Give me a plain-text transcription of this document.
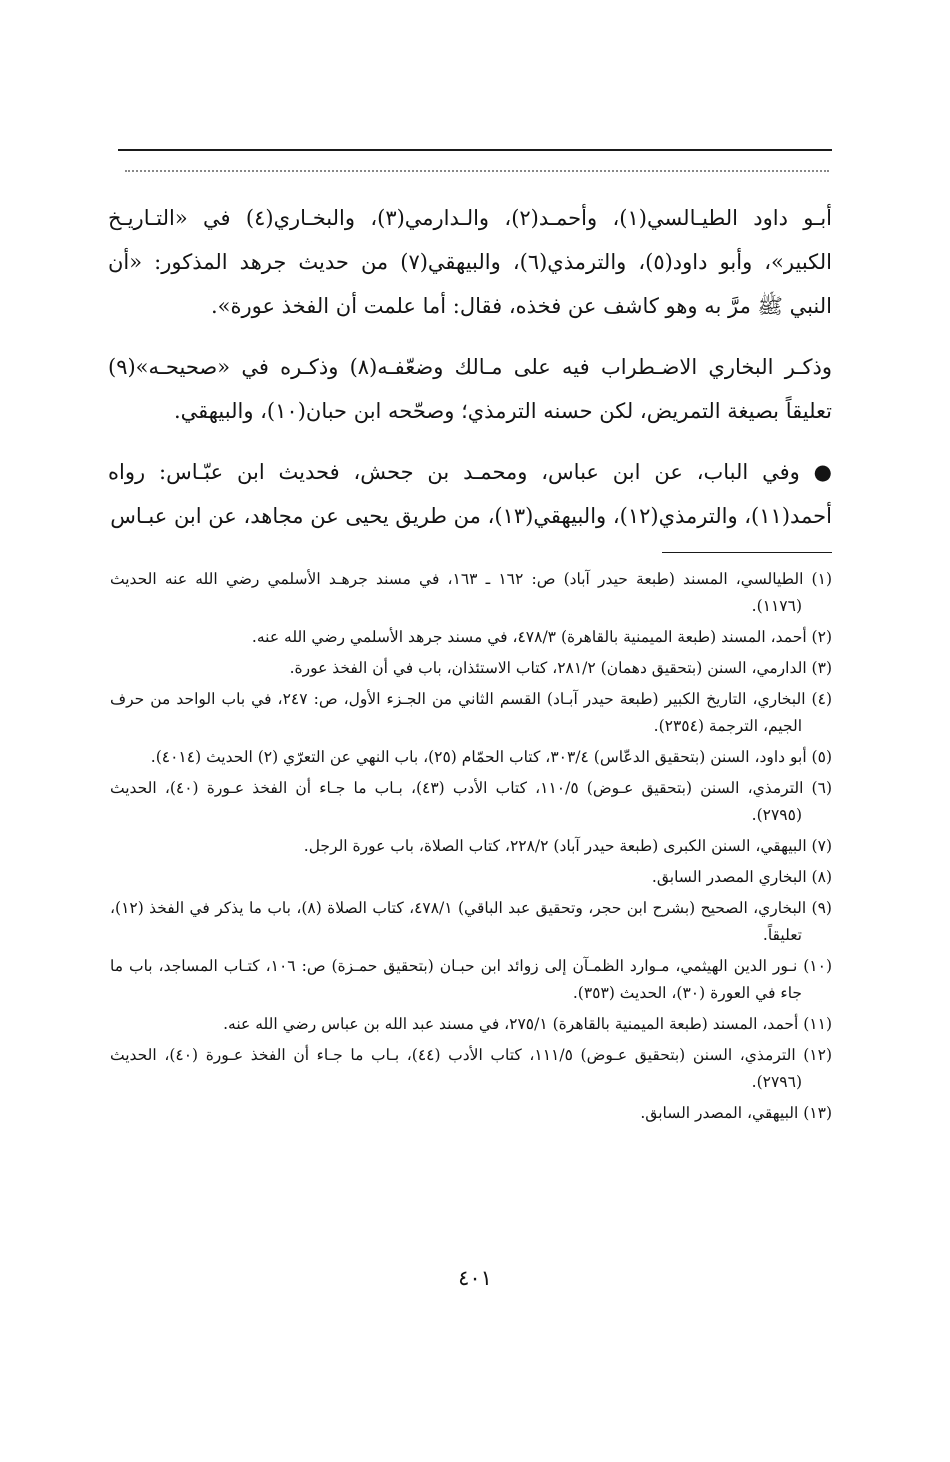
أبـو داود الطيـالسي(١)، وأحمـد(٢)، والـدارمي(٣)، والبخـاري(٤) في «التـاريـخ الكبير»، وأبو داود(٥)، والترمذي(٦)، والبيهقي(٧) من حديث جرهد المذكور: «أن النبي ﷺ مرَّ به وهو كاشف عن فخذه، فقال: أما علمت أن الفخذ عورة».

وذكـر البخاري الاضـطراب فيه على مـالك وضعّفـه(٨) وذكـره في «صحيحـه»(٩) تعليقاً بصيغة التمريض، لكن حسنه الترمذي؛ وصحّحه ابن حبان(١٠)، والبيهقي.

● وفي الباب، عن ابن عباس، ومحمـد بن جحش، فحديث ابن عبّـاس: رواه أحمد(١١)، والترمذي(١٢)، والبيهقي(١٣)، من طريق يحيى عن مجاهد، عن ابن عبـاس

(١) الطيالسي، المسند (طبعة حيدر آباد) ص: ١٦٢ ـ ١٦٣، في مسند جرهـد الأسلمي رضي الله عنه الحديث (١١٧٦).

(٢) أحمد، المسند (طبعة الميمنية بالقاهرة) ٤٧٨/٣، في مسند جرهد الأسلمي رضي الله عنه.

(٣) الدارمي، السنن (بتحقيق دهمان) ٢٨١/٢، كتاب الاستئذان، باب في أن الفخذ عورة.

(٤) البخاري، التاريخ الكبير (طبعة حيدر آبـاد) القسم الثاني من الجـزء الأول، ص: ٢٤٧، في باب الواحد من حرف الجيم، الترجمة (٢٣٥٤).

(٥) أبو داود، السنن (بتحقيق الدعّاس) ٣٠٣/٤، كتاب الحمّام (٢٥)، باب النهي عن التعرّي (٢) الحديث (٤٠١٤).

(٦) الترمذي، السنن (بتحقيق عـوض) ١١٠/٥، كتاب الأدب (٤٣)، بـاب ما جـاء أن الفخذ عـورة (٤٠)، الحديث (٢٧٩٥).

(٧) البيهقي، السنن الكبرى (طبعة حيدر آباد) ٢٢٨/٢، كتاب الصلاة، باب عورة الرجل.

(٨) البخاري المصدر السابق.

(٩) البخاري، الصحيح (بشرح ابن حجر، وتحقيق عبد الباقي) ٤٧٨/١، كتاب الصلاة (٨)، باب ما يذكر في الفخذ (١٢)، تعليقاً.

(١٠) نـور الدين الهيثمي، مـوارد الظمـآن إلى زوائد ابن حبـان (بتحقيق حمـزة) ص: ١٠٦، كتـاب المساجد، باب ما جاء في العورة (٣٠)، الحديث (٣٥٣).

(١١) أحمد، المسند (طبعة الميمنية بالقاهرة) ٢٧٥/١، في مسند عبد الله بن عباس رضي الله عنه.

(١٢) الترمذي، السنن (بتحقيق عـوض) ١١١/٥، كتاب الأدب (٤٤)، بـاب ما جـاء أن الفخذ عـورة (٤٠)، الحديث (٢٧٩٦).

(١٣) البيهقي، المصدر السابق.

٤٠١
